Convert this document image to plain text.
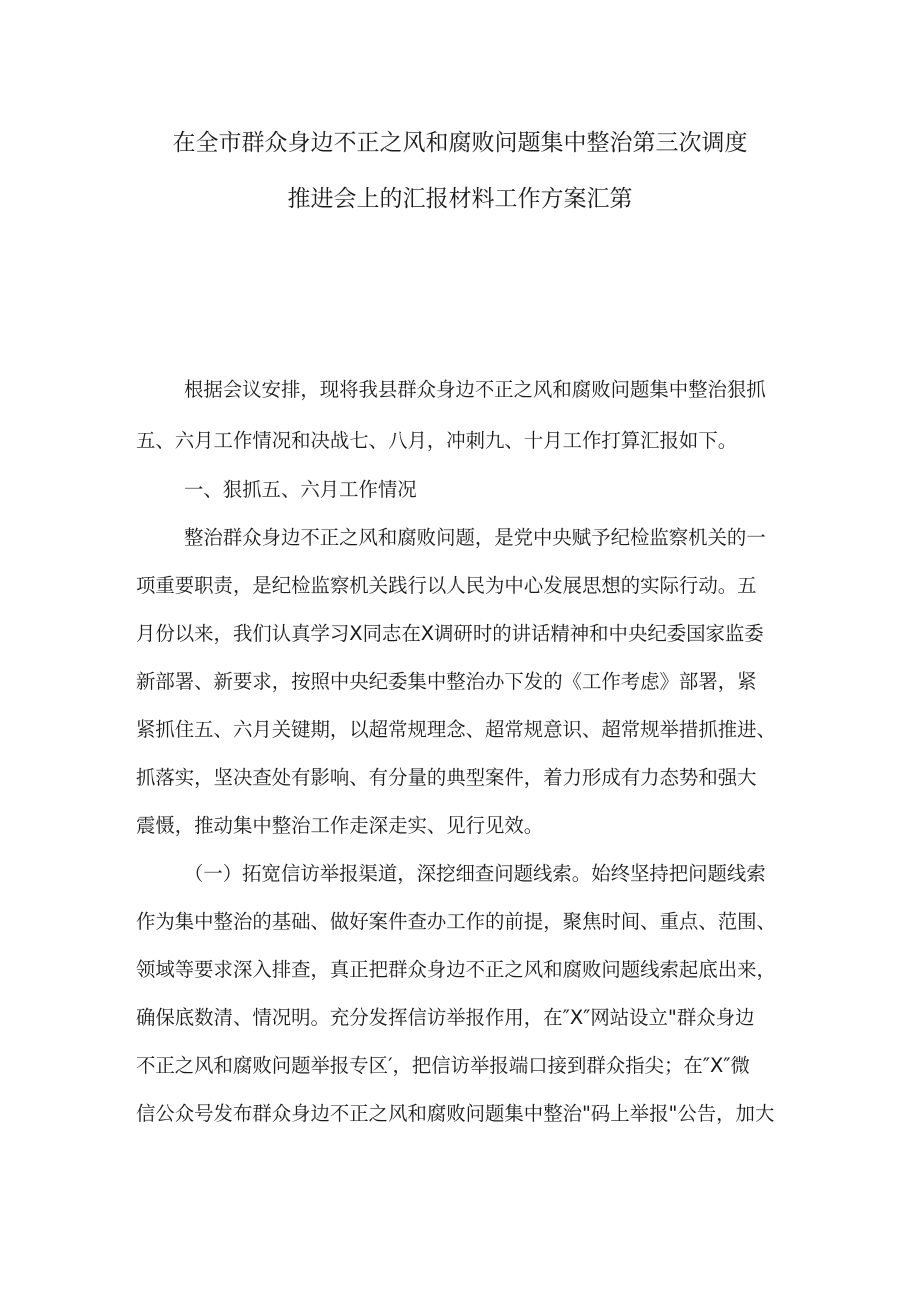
在全市群众身边不正之风和腐败问题集中整治第三次调度
推进会上的汇报材料工作方案汇第
根据会议安排，现将我县群众身边不正之风和腐败问题集中整治狠抓
五、六月工作情况和决战七、八月，冲刺九、十月工作打算汇报如下。
一、狠抓五、六月工作情况
整治群众身边不正之风和腐败问题，是党中央赋予纪检监察机关的一
项重要职责，是纪检监察机关践行以人民为中心发展思想的实际行动。五
月份以来，我们认真学习X同志在X调研时的讲话精神和中央纪委国家监委
新部署、新要求，按照中央纪委集中整治办下发的《工作考虑》部署，紧
紧抓住五、六月关键期，以超常规理念、超常规意识、超常规举措抓推进、
抓落实，坚决查处有影响、有分量的典型案件，着力形成有力态势和强大
震慑，推动集中整治工作走深走实、见行见效。
（一）拓宽信访举报渠道，深挖细查问题线索。始终坚持把问题线索
作为集中整治的基础、做好案件查办工作的前提，聚焦时间、重点、范围、
领域等要求深入排查，真正把群众身边不正之风和腐败问题线索起底出来，
确保底数清、情况明。充分发挥信访举报作用，在″X″网站设立"群众身边
不正之风和腐败问题举报专区′，把信访举报端口接到群众指尖；在″X″微
信公众号发布群众身边不正之风和腐败问题集中整治"码上举报"公告，加大
